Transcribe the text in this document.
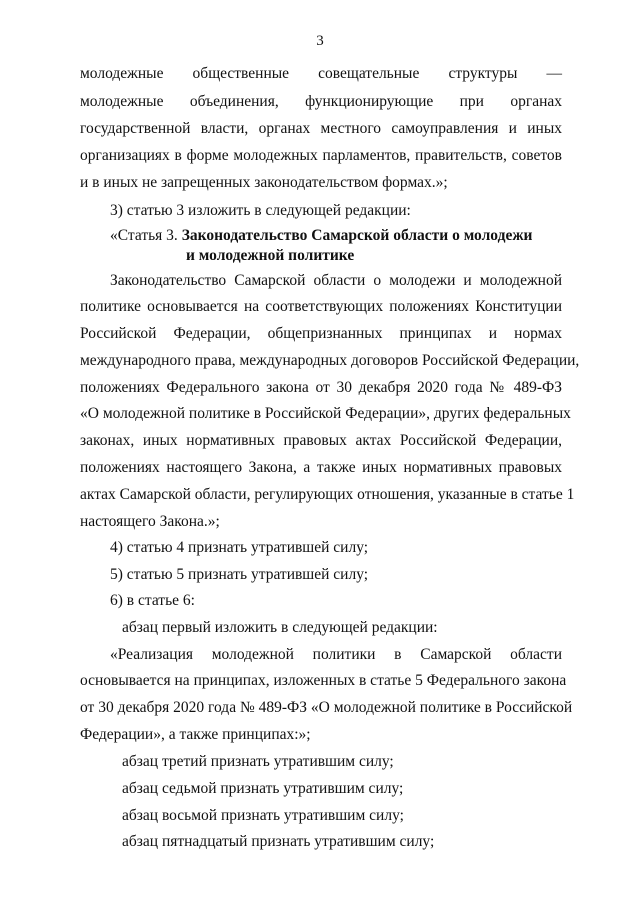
3
молодежные общественные совещательные структуры —
молодежные объединения, функционирующие при органах
государственной власти, органах местного самоуправления и иных
организациях в форме молодежных парламентов, правительств, советов
и в иных не запрещенных законодательством формах.»;
3) статью 3 изложить в следующей редакции:
«Статья 3. Законодательство Самарской области о молодежи
и молодежной политике
Законодательство Самарской области о молодежи и молодежной
политике основывается на соответствующих положениях Конституции
Российской Федерации, общепризнанных принципах и нормах
международного права, международных договоров Российской Федерации,
положениях Федерального закона от 30 декабря 2020 года № 489-ФЗ
«О молодежной политике в Российской Федерации», других федеральных
законах, иных нормативных правовых актах Российской Федерации,
положениях настоящего Закона, а также иных нормативных правовых
актах Самарской области, регулирующих отношения, указанные в статье 1
настоящего Закона.»;
4) статью 4 признать утратившей силу;
5) статью 5 признать утратившей силу;
6) в статье 6:
абзац первый изложить в следующей редакции:
«Реализация молодежной политики в Самарской области
основывается на принципах, изложенных в статье 5 Федерального закона
от 30 декабря 2020 года № 489-ФЗ «О молодежной политике в Российской
Федерации», а также принципах:»;
абзац третий признать утратившим силу;
абзац седьмой признать утратившим силу;
абзац восьмой признать утратившим силу;
абзац пятнадцатый признать утратившим силу;
